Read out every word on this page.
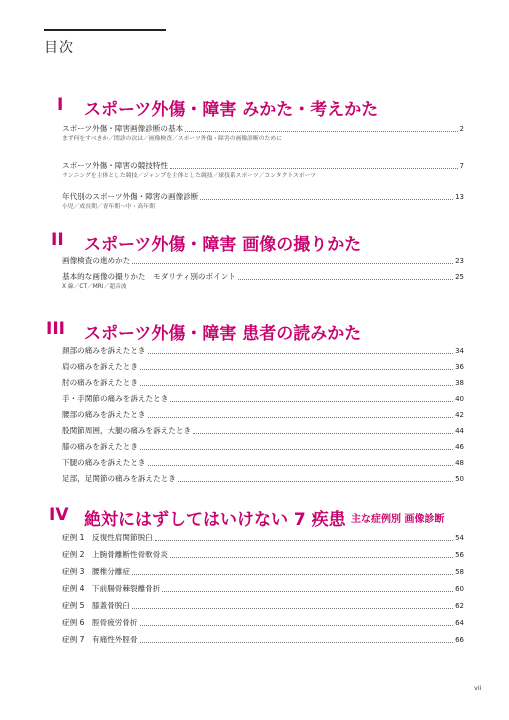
目次
I スポーツ外傷・障害 みかた・考えかた
スポーツ外傷・障害画像診断の基本	2
まず何をすべきか／問診の次は／画像検査／スポーツ外傷・障害の画像診断のために
スポーツ外傷・障害の競技特性	7
ランニングを主体とした競技／ジャンプを主体とした競技／球技系スポーツ／コンタクトスポーツ
年代別のスポーツ外傷・障害の画像診断	13
小児／成長期／青年期～中・高年期
II スポーツ外傷・障害 画像の撮りかた
画像検査の進めかた	23
基本的な画像の撮りかた　モダリティ別のポイント	25
X 線／CT／MRI／超音波
III スポーツ外傷・障害 患者の読みかた
頚部の痛みを訴えたとき	34
肩の痛みを訴えたとき	36
肘の痛みを訴えたとき	38
手・手関節の痛みを訴えたとき	40
腰部の痛みを訴えたとき	42
股関節周囲，大腿の痛みを訴えたとき	44
膝の痛みを訴えたとき	46
下腿の痛みを訴えたとき	48
足部，足関節の痛みを訴えたとき	50
IV 絶対にはずしてはいけない 7 疾患 主な症例別 画像診断
症例 1　反復性肩関節脱臼	54
症例 2　上腕骨離断性骨軟骨炎	56
症例 3　腰椎分離症	58
症例 4　下前腸骨棘裂離骨折	60
症例 5　膝蓋骨脱臼	62
症例 6　脛骨疲労骨折	64
症例 7　有痛性外脛骨	66
vii
